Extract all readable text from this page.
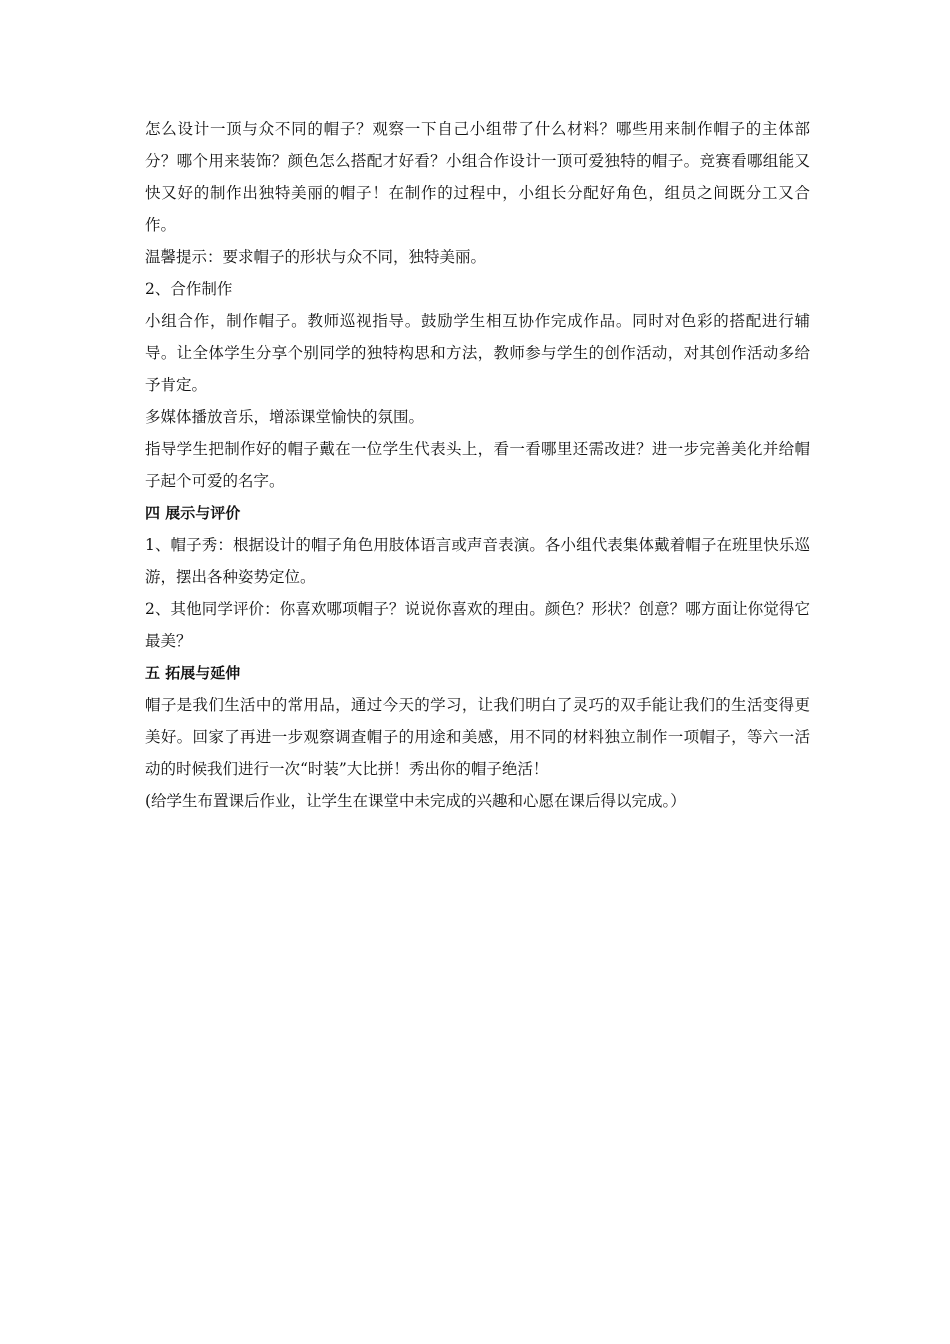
怎么设计一顶与众不同的帽子？观察一下自己小组带了什么材料？哪些用来制作帽子的主体部分？哪个用来装饰？颜色怎么搭配才好看？小组合作设计一顶可爱独特的帽子。竞赛看哪组能又快又好的制作出独特美丽的帽子！在制作的过程中，小组长分配好角色，组员之间既分工又合作。

温馨提示：要求帽子的形状与众不同，独特美丽。

2、合作制作

小组合作，制作帽子。教师巡视指导。鼓励学生相互协作完成作品。同时对色彩的搭配进行辅导。让全体学生分享个别同学的独特构思和方法，教师参与学生的创作活动，对其创作活动多给予肯定。

多媒体播放音乐，增添课堂愉快的氛围。

指导学生把制作好的帽子戴在一位学生代表头上，看一看哪里还需改进？进一步完善美化并给帽子起个可爱的名字。

四 展示与评价

1、帽子秀：根据设计的帽子角色用肢体语言或声音表演。各小组代表集体戴着帽子在班里快乐巡游，摆出各种姿势定位。

2、其他同学评价：你喜欢哪项帽子？说说你喜欢的理由。颜色？形状？创意？哪方面让你觉得它最美？

五 拓展与延伸

帽子是我们生活中的常用品，通过今天的学习，让我们明白了灵巧的双手能让我们的生活变得更美好。回家了再进一步观察调查帽子的用途和美感，用不同的材料独立制作一项帽子，等六一活动的时候我们进行一次“时装”大比拼！秀出你的帽子绝活！

(给学生布置课后作业，让学生在课堂中未完成的兴趣和心愿在课后得以完成。）
